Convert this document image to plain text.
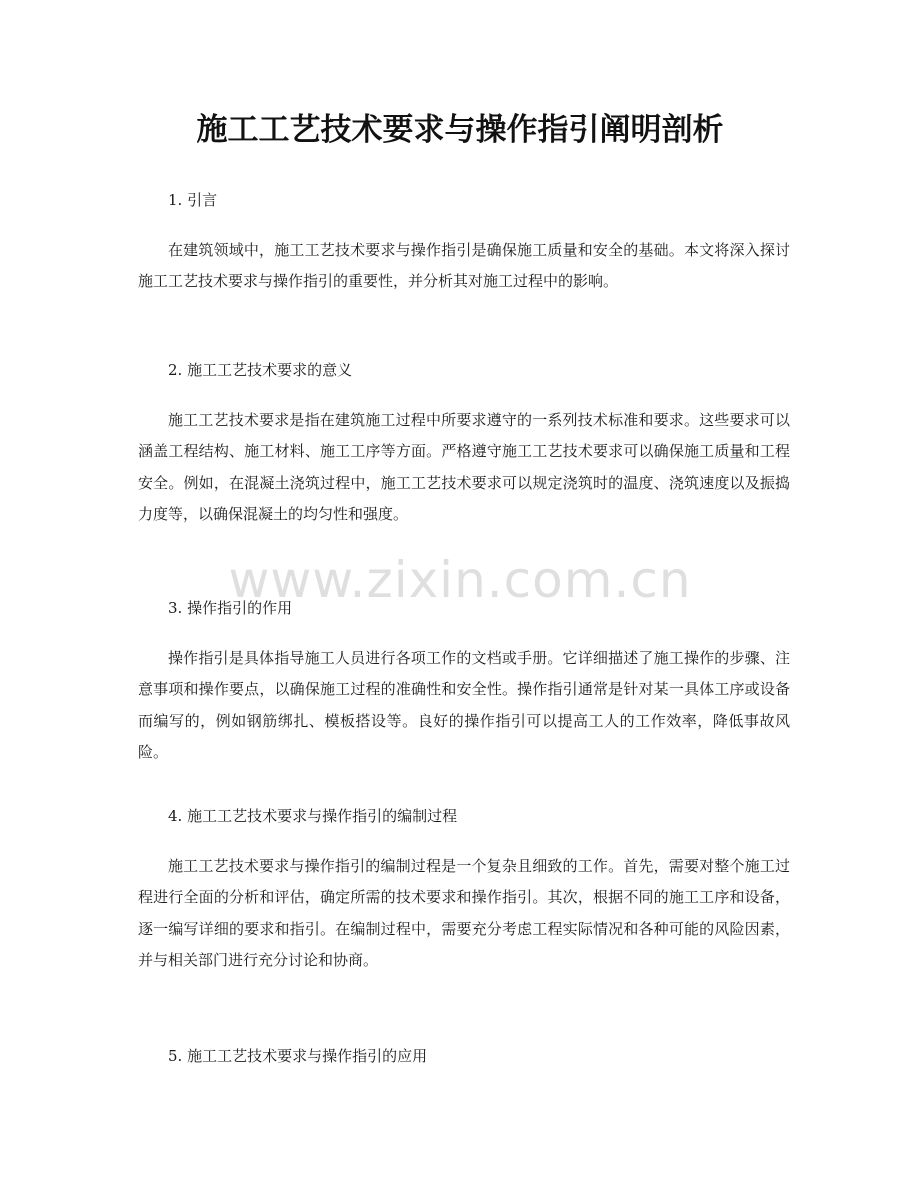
施工工艺技术要求与操作指引阐明剖析
1. 引言

在建筑领域中，施工工艺技术要求与操作指引是确保施工质量和安全的基础。本文将深入探讨施工工艺技术要求与操作指引的重要性，并分析其对施工过程中的影响。

2. 施工工艺技术要求的意义

施工工艺技术要求是指在建筑施工过程中所要求遵守的一系列技术标准和要求。这些要求可以涵盖工程结构、施工材料、施工工序等方面。严格遵守施工工艺技术要求可以确保施工质量和工程安全。例如，在混凝土浇筑过程中，施工工艺技术要求可以规定浇筑时的温度、浇筑速度以及振捣力度等，以确保混凝土的均匀性和强度。

3. 操作指引的作用

操作指引是具体指导施工人员进行各项工作的文档或手册。它详细描述了施工操作的步骤、注意事项和操作要点，以确保施工过程的准确性和安全性。操作指引通常是针对某一具体工序或设备而编写的，例如钢筋绑扎、模板搭设等。良好的操作指引可以提高工人的工作效率，降低事故风险。

4. 施工工艺技术要求与操作指引的编制过程

施工工艺技术要求与操作指引的编制过程是一个复杂且细致的工作。首先，需要对整个施工过程进行全面的分析和评估，确定所需的技术要求和操作指引。其次，根据不同的施工工序和设备，逐一编写详细的要求和指引。在编制过程中，需要充分考虑工程实际情况和各种可能的风险因素，并与相关部门进行充分讨论和协商。

5. 施工工艺技术要求与操作指引的应用
www.zixin.com.cn
